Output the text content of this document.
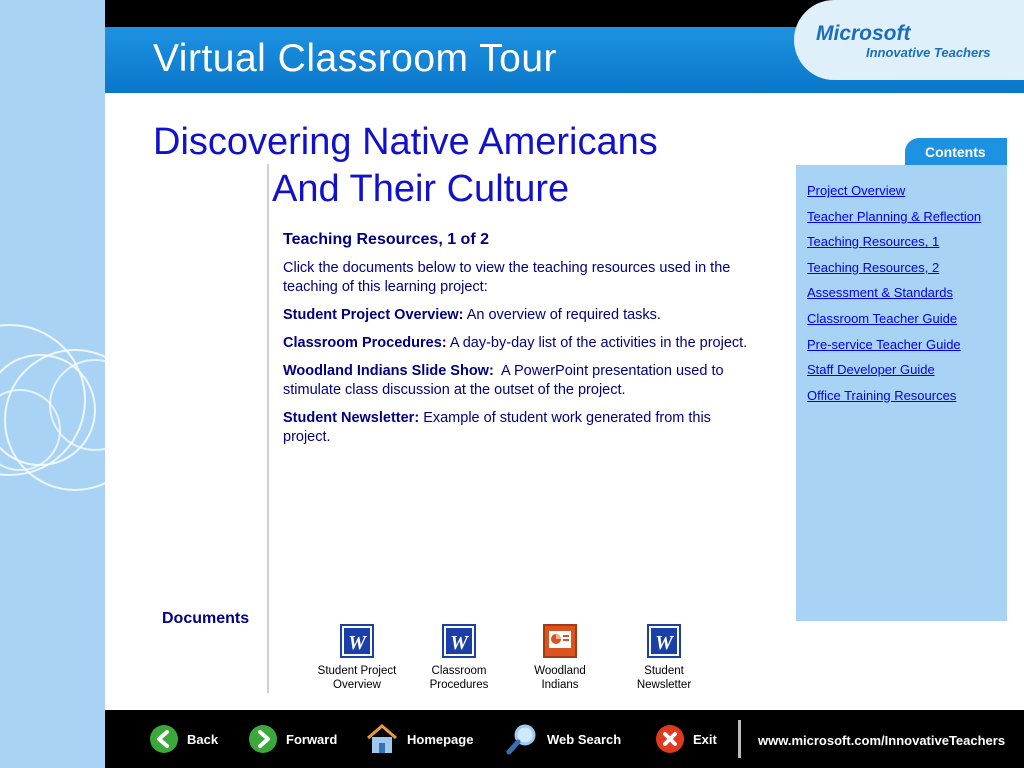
Virtual Classroom Tour
Microsoft
Innovative Teachers
Discovering Native Americans
And Their Culture
Teaching Resources, 1 of 2

Click the documents below to view the teaching resources used in the teaching of this learning project:

Student Project Overview: An overview of required tasks.

Classroom Procedures: A day-by-day list of the activities in the project.

Woodland Indians Slide Show:  A PowerPoint presentation used to stimulate class discussion at the outset of the project.

Student Newsletter: Example of student work generated from this project.

Contents
Project Overview
Teacher Planning & Reflection
Teaching Resources, 1
Teaching Resources, 2
Assessment & Standards
Classroom Teacher Guide
Pre-service Teacher Guide
Staff Developer Guide
Office Training Resources
Documents
W
Student Project
Overview
W
Classroom
Procedures
Woodland
Indians
W
Student
Newsletter
Back	Forward	Homepage	Web Search	Exit	www.microsoft.com/InnovativeTeachers
